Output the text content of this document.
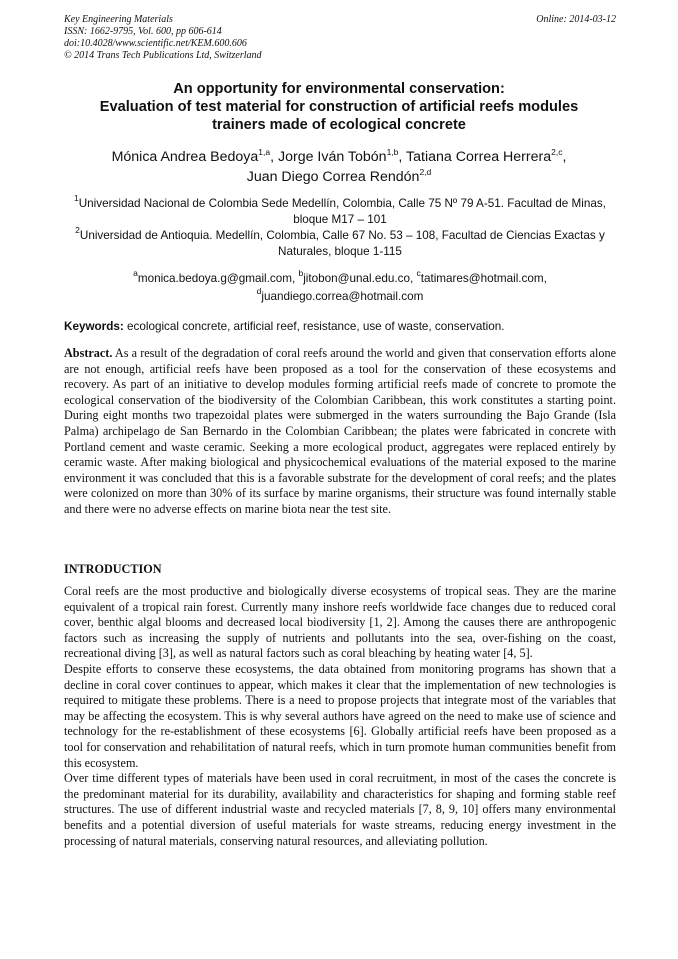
Key Engineering Materials
ISSN: 1662-9795, Vol. 600, pp 606-614
doi:10.4028/www.scientific.net/KEM.600.606
© 2014 Trans Tech Publications Ltd, Switzerland
Online: 2014-03-12
An opportunity for environmental conservation:
Evaluation of test material for construction of artificial reefs modules
trainers made of ecological concrete
Mónica Andrea Bedoya$^{1,a}$, Jorge Iván Tobón$^{1,b}$, Tatiana Correa Herrera$^{2,c}$,
Juan Diego Correa Rendón$^{2,d}$
$^1$Universidad Nacional de Colombia Sede Medellín, Colombia, Calle 75 Nº 79 A-51. Facultad de Minas, bloque M17 – 101
$^2$Universidad de Antioquia. Medellín, Colombia, Calle 67 No. 53 – 108, Facultad de Ciencias Exactas y Naturales, bloque 1-115
$^a$monica.bedoya.g@gmail.com, $^b$jitobon@unal.edu.co, $^c$tatimares@hotmail.com,
$^d$juandiego.correa@hotmail.com
Keywords: ecological concrete, artificial reef, resistance, use of waste, conservation.
Abstract. As a result of the degradation of coral reefs around the world and given that conservation efforts alone are not enough, artificial reefs have been proposed as a tool for the conservation of these ecosystems and recovery. As part of an initiative to develop modules forming artificial reefs made of concrete to promote the ecological conservation of the biodiversity of the Colombian Caribbean, this work constitutes a starting point. During eight months two trapezoidal plates were submerged in the waters surrounding the Bajo Grande (Isla Palma) archipelago de San Bernardo in the Colombian Caribbean; the plates were fabricated in concrete with Portland cement and waste ceramic. Seeking a more ecological product, aggregates were replaced entirely by ceramic waste. After making biological and physicochemical evaluations of the material exposed to the marine environment it was concluded that this is a favorable substrate for the development of coral reefs; and the plates were colonized on more than 30% of its surface by marine organisms, their structure was found internally stable and there were no adverse effects on marine biota near the test site.
INTRODUCTION

Coral reefs are the most productive and biologically diverse ecosystems of tropical seas. They are the marine equivalent of a tropical rain forest. Currently many inshore reefs worldwide face changes due to reduced coral cover, benthic algal blooms and decreased local biodiversity [1, 2]. Among the causes there are anthropogenic factors such as increasing the supply of nutrients and pollutants into the sea, over-fishing on the coast, recreational diving [3], as well as natural factors such as coral bleaching by heating water [4, 5].

Despite efforts to conserve these ecosystems, the data obtained from monitoring programs has shown that a decline in coral cover continues to appear, which makes it clear that the implementation of new technologies is required to mitigate these problems. There is a need to propose projects that integrate most of the variables that may be affecting the ecosystem. This is why several authors have agreed on the need to make use of science and technology for the re-establishment of these ecosystems [6]. Globally artificial reefs have been proposed as a tool for conservation and rehabilitation of natural reefs, which in turn promote human communities benefit from this ecosystem.

Over time different types of materials have been used in coral recruitment, in most of the cases the concrete is the predominant material for its durability, availability and characteristics for shaping and forming stable reef structures. The use of different industrial waste and recycled materials [7, 8, 9, 10] offers many environmental benefits and a potential diversion of useful materials for waste streams, reducing energy investment in the processing of natural materials, conserving natural resources, and alleviating pollution.
